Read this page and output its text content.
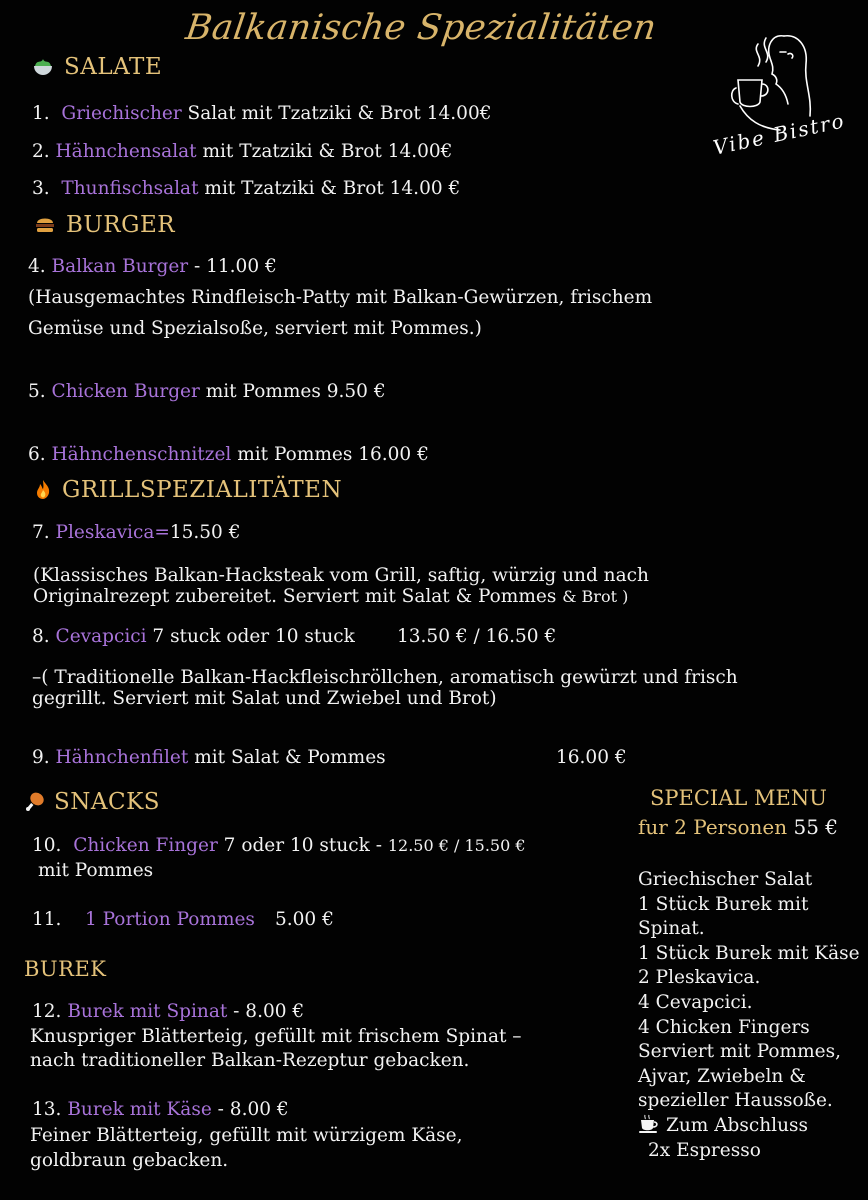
Balkanische Spezialitäten
Vibe Bistro
SALATE
1. Griechischer Salat mit Tzatziki & Brot 14.00€
2. Hähnchensalat mit Tzatziki & Brot 14.00€
3. Thunfischsalat mit Tzatziki & Brot 14.00 €
BURGER
4. Balkan Burger - 11.00 €
(Hausgemachtes Rindfleisch-Patty mit Balkan-Gewürzen, frischem
Gemüse und Spezialsoße, serviert mit Pommes.)
5. Chicken Burger mit Pommes 9.50 €
6. Hähnchenschnitzel mit Pommes 16.00 €
GRILLSPEZIALITÄTEN
7. Pleskavica=15.50 €
(Klassisches Balkan-Hacksteak vom Grill, saftig, würzig und nach
Originalrezept zubereitet. Serviert mit Salat & Pommes & Brot )
8. Cevapcici 7 stuck oder 10 stuck 13.50 € / 16.50 €
–( Traditionelle Balkan-Hackfleischröllchen, aromatisch gewürzt und frisch
gegrillt. Serviert mit Salat und Zwiebel und Brot)
9. Hähnchenfilet mit Salat & Pommes	16.00 €
SNACKS
10. Chicken Finger 7 oder 10 stuck - 12.50 € / 15.50 €
mit Pommes
11. 1 Portion Pommes 5.00 €
BUREK
12. Burek mit Spinat - 8.00 €
Knuspriger Blätterteig, gefüllt mit frischem Spinat –
nach traditioneller Balkan-Rezeptur gebacken.
13. Burek mit Käse - 8.00 €
Feiner Blätterteig, gefüllt mit würzigem Käse,
goldbraun gebacken.
SPECIAL MENU
fur 2 Personen 55 €
Griechischer Salat
1 Stück Burek mit
Spinat.
1 Stück Burek mit Käse
2 Pleskavica.
4 Cevapcici.
4 Chicken Fingers
Serviert mit Pommes,
Ajvar, Zwiebeln &
spezieller Haussoße.
Zum Abschluss
2x Espresso
